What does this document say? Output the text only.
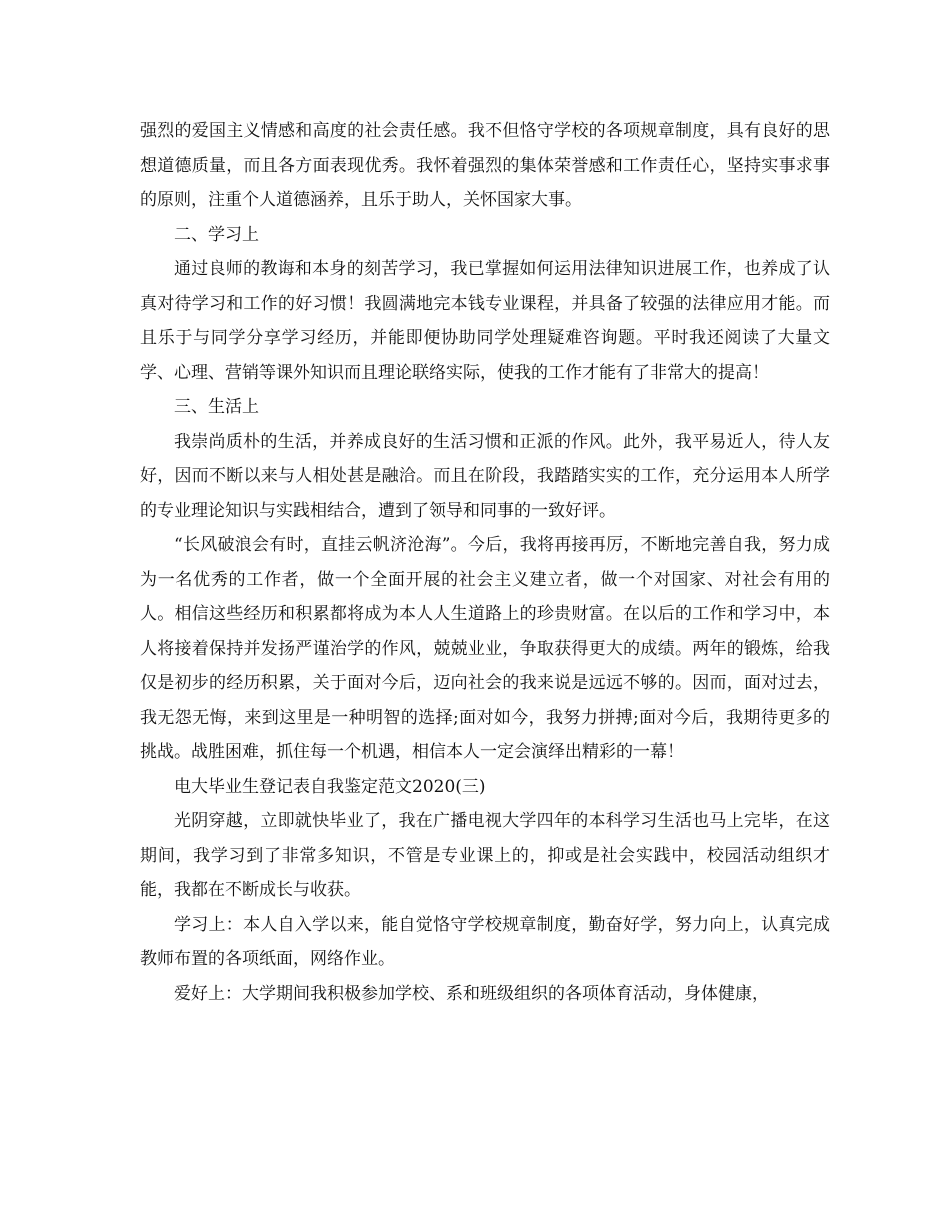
强烈的爱国主义情感和高度的社会责任感。我不但恪守学校的各项规章制度，具有良好的思想道德质量，而且各方面表现优秀。我怀着强烈的集体荣誉感和工作责任心，坚持实事求事的原则，注重个人道德涵养，且乐于助人，关怀国家大事。

二、学习上

通过良师的教诲和本身的刻苦学习，我已掌握如何运用法律知识进展工作，也养成了认真对待学习和工作的好习惯！我圆满地完本钱专业课程，并具备了较强的法律应用才能。而且乐于与同学分享学习经历，并能即便协助同学处理疑难咨询题。平时我还阅读了大量文学、心理、营销等课外知识而且理论联络实际，使我的工作才能有了非常大的提高！

三、生活上

我崇尚质朴的生活，并养成良好的生活习惯和正派的作风。此外，我平易近人，待人友好，因而不断以来与人相处甚是融洽。而且在阶段，我踏踏实实的工作，充分运用本人所学的专业理论知识与实践相结合，遭到了领导和同事的一致好评。

“长风破浪会有时，直挂云帆济沧海”。今后，我将再接再厉，不断地完善自我，努力成为一名优秀的工作者，做一个全面开展的社会主义建立者，做一个对国家、对社会有用的人。相信这些经历和积累都将成为本人人生道路上的珍贵财富。在以后的工作和学习中，本人将接着保持并发扬严谨治学的作风，兢兢业业，争取获得更大的成绩。两年的锻炼，给我仅是初步的经历积累，关于面对今后，迈向社会的我来说是远远不够的。因而，面对过去，我无怨无悔，来到这里是一种明智的选择;面对如今，我努力拼搏;面对今后，我期待更多的挑战。战胜困难，抓住每一个机遇，相信本人一定会演绎出精彩的一幕！

电大毕业生登记表自我鉴定范文2020(三)

光阴穿越，立即就快毕业了，我在广播电视大学四年的本科学习生活也马上完毕，在这期间，我学习到了非常多知识，不管是专业课上的，抑或是社会实践中，校园活动组织才能，我都在不断成长与收获。

学习上：本人自入学以来，能自觉恪守学校规章制度，勤奋好学，努力向上，认真完成教师布置的各项纸面，网络作业。

爱好上：大学期间我积极参加学校、系和班级组织的各项体育活动，身体健康，
